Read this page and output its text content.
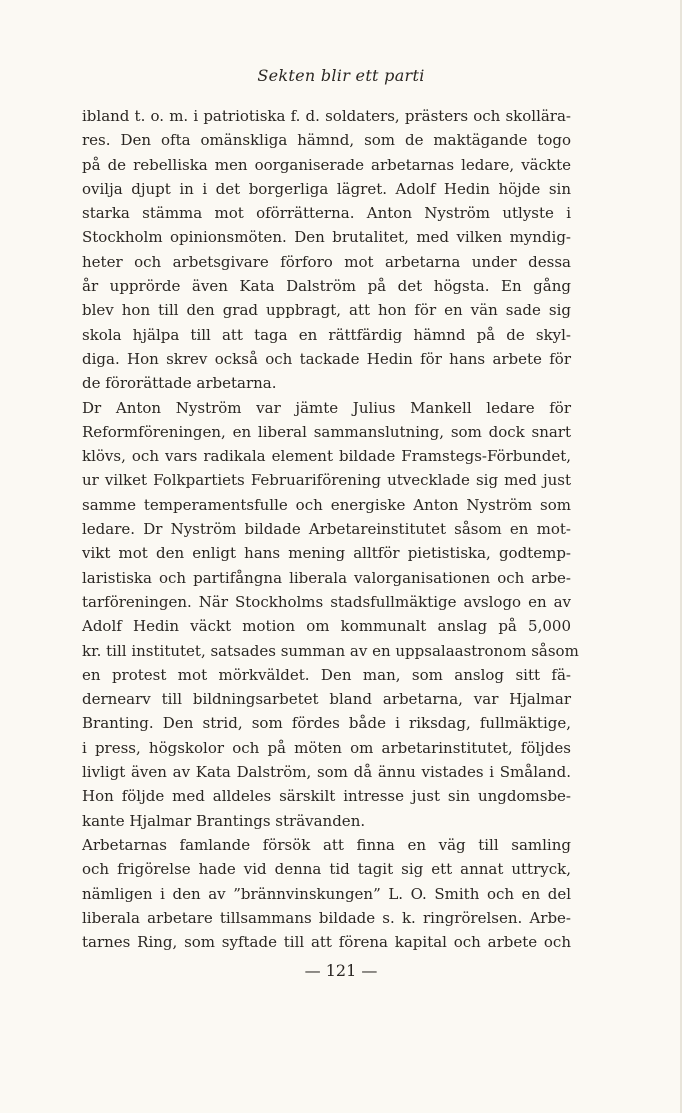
Sekten blir ett parti
ibland t. o. m. i patriotiska f. d. soldaters, prästers och skollära-
res. Den ofta omänskliga hämnd, som de maktägande togo
på de rebelliska men oorganiserade arbetarnas ledare, väckte
ovilja djupt in i det borgerliga lägret. Adolf Hedin höjde sin
starka stämma mot oförrätterna. Anton Nyström utlyste i
Stockholm opinionsmöten. Den brutalitet, med vilken myndig-
heter och arbetsgivare förforo mot arbetarna under dessa
år upprörde även Kata Dalström på det högsta. En gång
blev hon till den grad uppbragt, att hon för en vän sade sig
skola hjälpa till att taga en rättfärdig hämnd på de skyl-
diga. Hon skrev också och tackade Hedin för hans arbete för
de förorättade arbetarna.
Dr Anton Nyström var jämte Julius Mankell ledare för
Reformföreningen, en liberal sammanslutning, som dock snart
klövs, och vars radikala element bildade Framstegs-Förbundet,
ur vilket Folkpartiets Februariförening utvecklade sig med just
samme temperamentsfulle och energiske Anton Nyström som
ledare. Dr Nyström bildade Arbetareinstitutet såsom en mot-
vikt mot den enligt hans mening alltför pietistiska, godtemp-
laristiska och partifångna liberala valorganisationen och arbe-
tarföreningen. När Stockholms stadsfullmäktige avslogo en av
Adolf Hedin väckt motion om kommunalt anslag på 5,000
kr. till institutet, satsades summan av en uppsalaastronom såsom
en protest mot mörkväldet. Den man, som anslog sitt fä-
dernearv till bildningsarbetet bland arbetarna, var Hjalmar
Branting. Den strid, som fördes både i riksdag, fullmäktige,
i press, högskolor och på möten om arbetarinstitutet, följdes
livligt även av Kata Dalström, som då ännu vistades i Småland.
Hon följde med alldeles särskilt intresse just sin ungdomsbe-
kante Hjalmar Brantings strävanden.
Arbetarnas famlande försök att finna en väg till samling
och frigörelse hade vid denna tid tagit sig ett annat uttryck,
nämligen i den av ”brännvinskungen” L. O. Smith och en del
liberala arbetare tillsammans bildade s. k. ringrörelsen. Arbe-
tarnes Ring, som syftade till att förena kapital och arbete och
— 121 —
